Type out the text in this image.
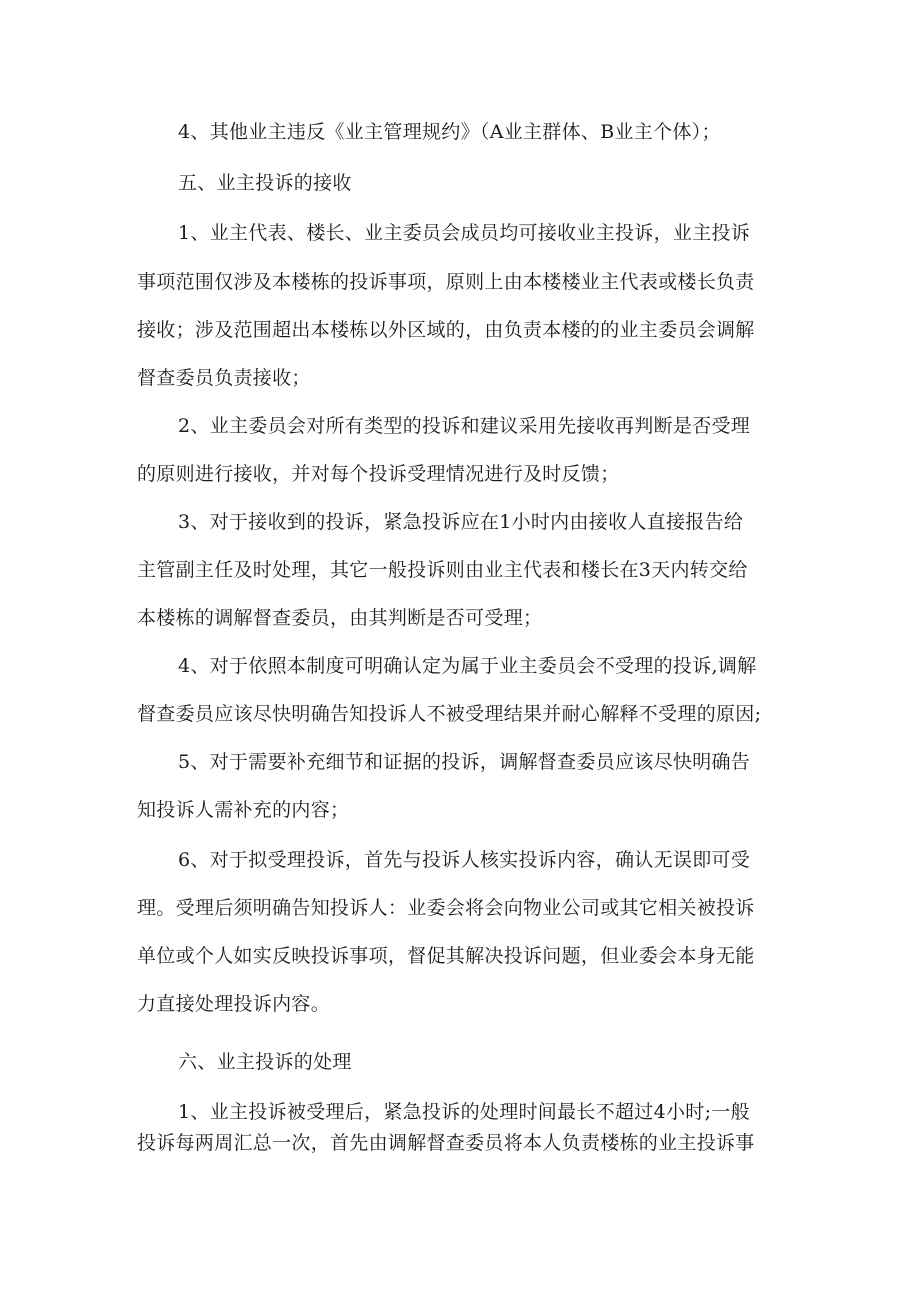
4、其他业主违反《业主管理规约》（A业主群体、B业主个体）；
五、业主投诉的接收
1、业主代表、楼长、业主委员会成员均可接收业主投诉，业主投诉
事项范围仅涉及本楼栋的投诉事项，原则上由本楼楼业主代表或楼长负责
接收；涉及范围超出本楼栋以外区域的，由负责本楼的的业主委员会调解
督查委员负责接收；
2、业主委员会对所有类型的投诉和建议采用先接收再判断是否受理
的原则进行接收，并对每个投诉受理情况进行及时反馈；
3、对于接收到的投诉，紧急投诉应在1小时内由接收人直接报告给
主管副主任及时处理，其它一般投诉则由业主代表和楼长在3天内转交给
本楼栋的调解督查委员，由其判断是否可受理；
4、对于依照本制度可明确认定为属于业主委员会不受理的投诉,调解
督查委员应该尽快明确告知投诉人不被受理结果并耐心解释不受理的原因;
5、对于需要补充细节和证据的投诉，调解督查委员应该尽快明确告
知投诉人需补充的内容；
6、对于拟受理投诉，首先与投诉人核实投诉内容，确认无误即可受
理。受理后须明确告知投诉人：业委会将会向物业公司或其它相关被投诉
单位或个人如实反映投诉事项，督促其解决投诉问题，但业委会本身无能
力直接处理投诉内容。
六、业主投诉的处理
1、业主投诉被受理后，紧急投诉的处理时间最长不超过4小时;一般
投诉每两周汇总一次，首先由调解督查委员将本人负责楼栋的业主投诉事
